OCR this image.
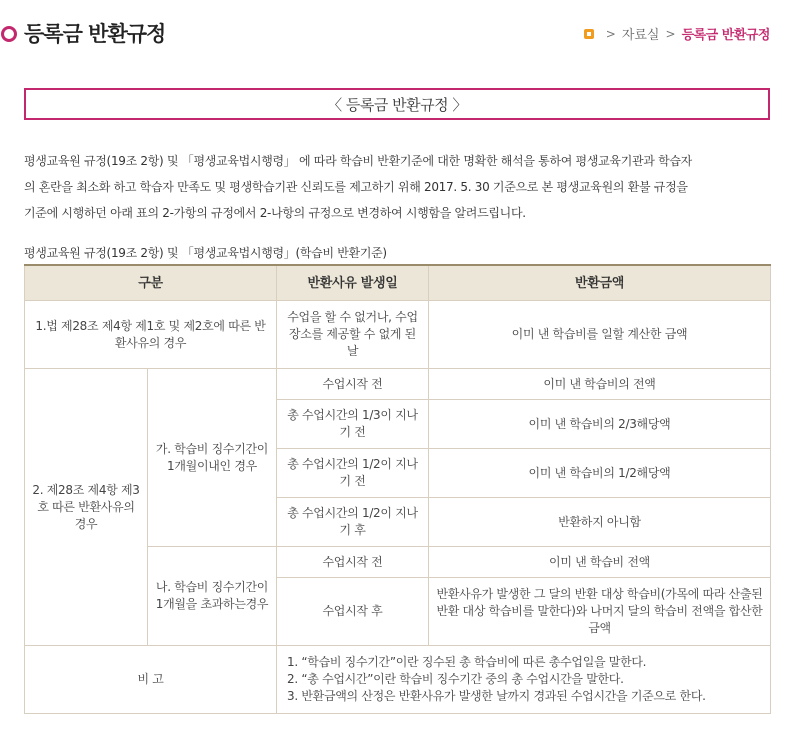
등록금 반환규정	> 자료실 > 등록금 반환규정
〈 등록금 반환규정 〉

평생교육원 규정(19조 2항) 및 「평생교육법시행령」 에 따라 학습비 반환기준에 대한 명확한 해석을 통하여 평생교육기관과 학습자

의 혼란을 최소화 하고 학습자 만족도 및 평생학습기관 신뢰도를 제고하기 위해 2017. 5. 30 기준으로 본 평생교육원의 환불 규정을

기준에 시행하던 아래 표의 2-가항의 규정에서 2-나항의 규정으로 변경하여 시행함을 알려드립니다.

평생교육원 규정(19조 2항) 및 「평생교육법시행령」(학습비 반환기준)
구분		반환사유 발생일	반환금액
1.법 제28조 제4항 제1호 및 제2호에 따른 반환사유의 경우		수업을 할 수 없거나, 수업장소를 제공할 수 없게 된 날	이미 낸 학습비를 일할 계산한 금액
2. 제28조 제4항 제3호 따른 반환사유의 경우	가. 학습비 징수기간이 1개월이내인 경우	수업시작 전	이미 낸 학습비의 전액
		총 수업시간의 1/3이 지나기 전	이미 낸 학습비의 2/3해당액
		총 수업시간의 1/2이 지나기 전	이미 낸 학습비의 1/2해당액
		총 수업시간의 1/2이 지나기 후	반환하지 아니함
	나. 학습비 징수기간이 1개월을 초과하는경우	수업시작 전	이미 낸 학습비 전액
		수업시작 후	반환사유가 발생한 그 달의 반환 대상 학습비(가목에 따라 산출된 반환 대상 학습비를 말한다)와 나머지 달의 학습비 전액을 합산한 금액
비 고		1. “학습비 징수기간”이란 징수된 총 학습비에 따른 총수업일을 말한다.
2. “총 수업시간”이란 학습비 징수기간 중의 총 수업시간을 말한다.
3. 반환금액의 산정은 반환사유가 발생한 날까지 경과된 수업시간을 기준으로 한다.	
